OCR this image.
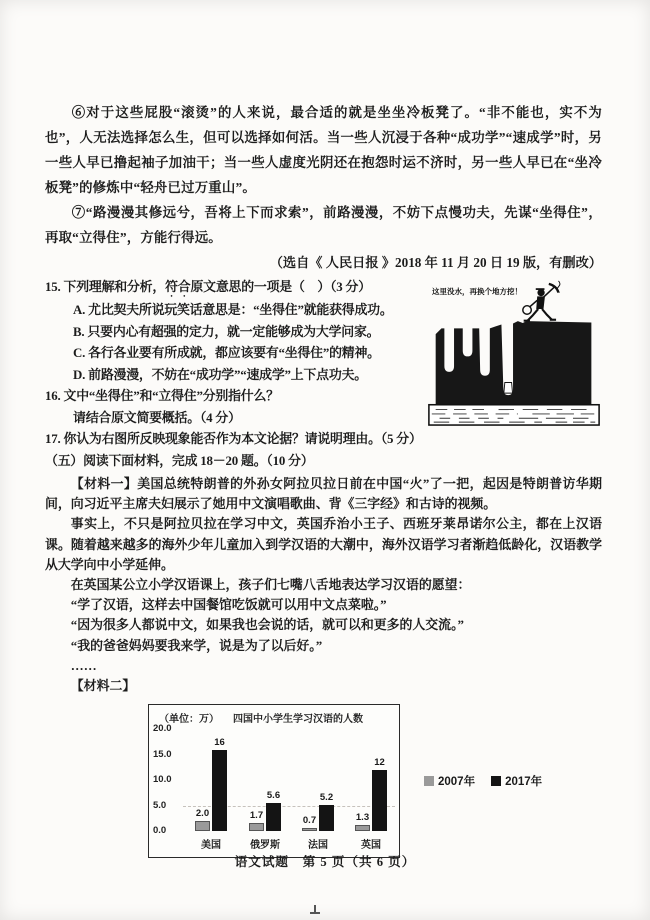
⑥对于这些屁股“滚烫”的人来说，最合适的就是坐坐冷板凳了。“非不能也，实不为也”，人无法选择怎么生，但可以选择如何活。当一些人沉浸于各种“成功学”“速成学”时，另一些人早已撸起袖子加油干；当一些人虚度光阴还在抱怨时运不济时，另一些人早已在“坐冷板凳”的修炼中“轻舟已过万重山”。

⑦“路漫漫其修远兮，吾将上下而求索”，前路漫漫，不妨下点慢功夫，先谋“坐得住”，再取“立得住”，方能行得远。

（选自《 人民日报 》2018 年 11 月 20 日 19 版，有删改）

这里没水，再换个地方挖！
15. 下列理解和分析，符合原文意思的一项是（　）（3 分）
A. 尤比契夫所说玩笑话意思是：“坐得住”就能获得成功。
B. 只要内心有超强的定力，就一定能够成为大学问家。
C. 各行各业要有所成就，都应该要有“坐得住”的精神。
D. 前路漫漫，不妨在“成功学”“速成学”上下点功夫。
16. 文中“坐得住”和“立得住”分别指什么？
请结合原文简要概括。（4 分）
17. 你认为右图所反映现象能否作为本文论据？请说明理由。（5 分）
（五）阅读下面材料，完成 18－20 题。（10 分）

【材料一】美国总统特朗普的外孙女阿拉贝拉日前在中国“火”了一把，起因是特朗普访华期间，向习近平主席夫妇展示了她用中文演唱歌曲、背《三字经》和古诗的视频。

事实上，不只是阿拉贝拉在学习中文，英国乔治小王子、西班牙莱昂诺尔公主，都在上汉语课。随着越来越多的海外少年儿童加入到学汉语的大潮中，海外汉语学习者渐趋低龄化，汉语教学从大学向中小学延伸。

在英国某公立小学汉语课上，孩子们七嘴八舌地表达学习汉语的愿望：

“学了汉语，这样去中国餐馆吃饭就可以用中文点菜啦。”

“因为很多人都说中文，如果我也会说的话，就可以和更多的人交流。”

“我的爸爸妈妈要我来学，说是为了以后好。”

……

【材料二】

（单位：万） 四国中小学生学习汉语的人数
20.0
15.0
10.0
5.0
0.0
美国
2.0
16
俄罗斯
1.7
5.6
法国
0.7
5.2
英国
1.3
12
2007年	2017年
语文试题　第 5 页（共 6 页）
